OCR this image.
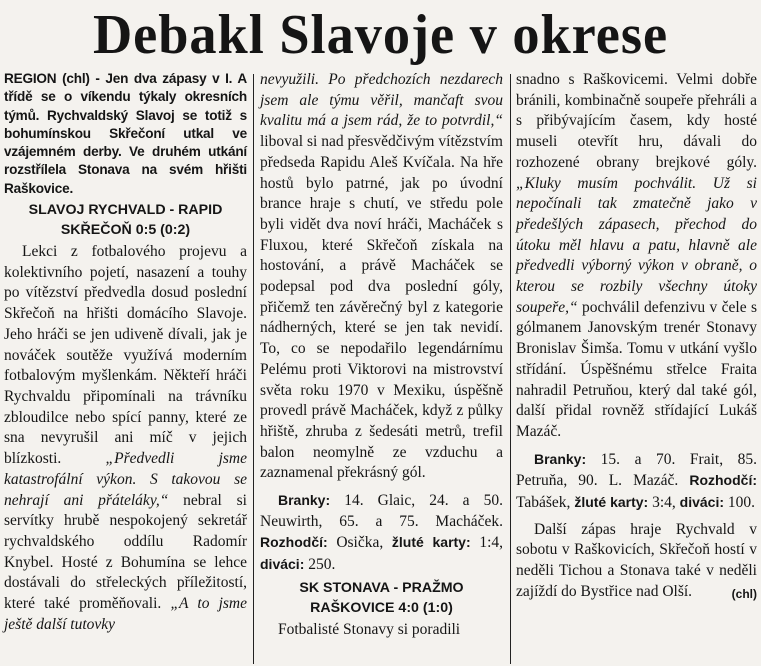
Debakl Slavoje v okrese

REGION (chl) - Jen dva zápasy v I. A třídě se o víkendu týkaly okresních týmů. Rychvaldský Slavoj se totiž s bohumínskou Skřečoní utkal ve vzájemném derby. Ve druhém utkání rozstřílela Stonava na svém hřišti Raškovice.

SLAVOJ RYCHVALD - RAPID
SKŘEČOŇ 0:5 (0:2)

Lekci z fotbalového projevu a kolektivního pojetí, nasazení a touhy po vítězství předvedla dosud poslední Skřečoň na hřišti domácího Slavoje. Jeho hráči se jen udiveně dívali, jak je nováček soutěže využívá moderním fotbalovým myšlenkám. Někteří hráči Rychvaldu připomínali na trávníku zbloudilce nebo spící panny, které ze sna nevyrušil ani míč v jejich blízkosti. „Předvedli jsme katastrofální výkon. S takovou se nehrají ani přáteláky,“ nebral si servítky hrubě nespokojený sekretář rychvaldského oddílu Radomír Knybel. Hosté z Bohumína se lehce dostávali do střeleckých příležitostí, které také proměňovali. „A to jsme ještě další tutovky

nevyužili. Po předchozích nezdarech jsem ale týmu věřil, mančaft svou kvalitu má a jsem rád, že to potvrdil,“ liboval si nad přesvědčivým vítězstvím předseda Rapidu Aleš Kvíčala. Na hře hostů bylo patrné, jak po úvodní brance hraje s chutí, ve středu pole byli vidět dva noví hráči, Macháček s Fluxou, které Skřečoň získala na hostování, a právě Macháček se podepsal pod dva poslední góly, přičemž ten závěrečný byl z kategorie nádherných, které se jen tak nevidí. To, co se nepodařilo legendárnímu Pelému proti Viktorovi na mistrovství světa roku 1970 v Mexiku, úspěšně provedl právě Macháček, když z půlky hřiště, zhruba z šedesáti metrů, trefil balon neomylně ze vzduchu a zaznamenal překrásný gól.

Branky: 14. Glaic, 24. a 50. Neuwirth, 65. a 75. Macháček. Rozhodčí: Osička, žluté karty: 1:4, diváci: 250.

SK STONAVA - PRAŽMO
RAŠKOVICE 4:0 (1:0)

Fotbalisté Stonavy si poradili

snadno s Raškovicemi. Velmi dobře bránili, kombinačně soupeře přehráli a s přibývajícím časem, kdy hosté museli otevřít hru, dávali do rozhozené obrany brejkové góly. „Kluky musím pochválit. Už si nepočínali tak zmatečně jako v předešlých zápasech, přechod do útoku měl hlavu a patu, hlavně ale předvedli výborný výkon v obraně, o kterou se rozbily všechny útoky soupeře,“ pochválil defenzivu v čele s gólmanem Janovským trenér Stonavy Bronislav Šimša. Tomu v utkání vyšlo střídání. Úspěšnému střelce Fraita nahradil Petruňou, který dal také gól, další přidal rovněž střídající Lukáš Mazáč.

Branky: 15. a 70. Frait, 85. Petruňa, 90. L. Mazáč. Rozhodčí: Tabášek, žluté karty: 3:4, diváci: 100.

Další zápas hraje Rychvald v sobotu v Raškovicích, Skřečoň hostí v neděli Tichou a Stonava také v neděli zajíždí do Bystřice nad Olší.	(chl)
